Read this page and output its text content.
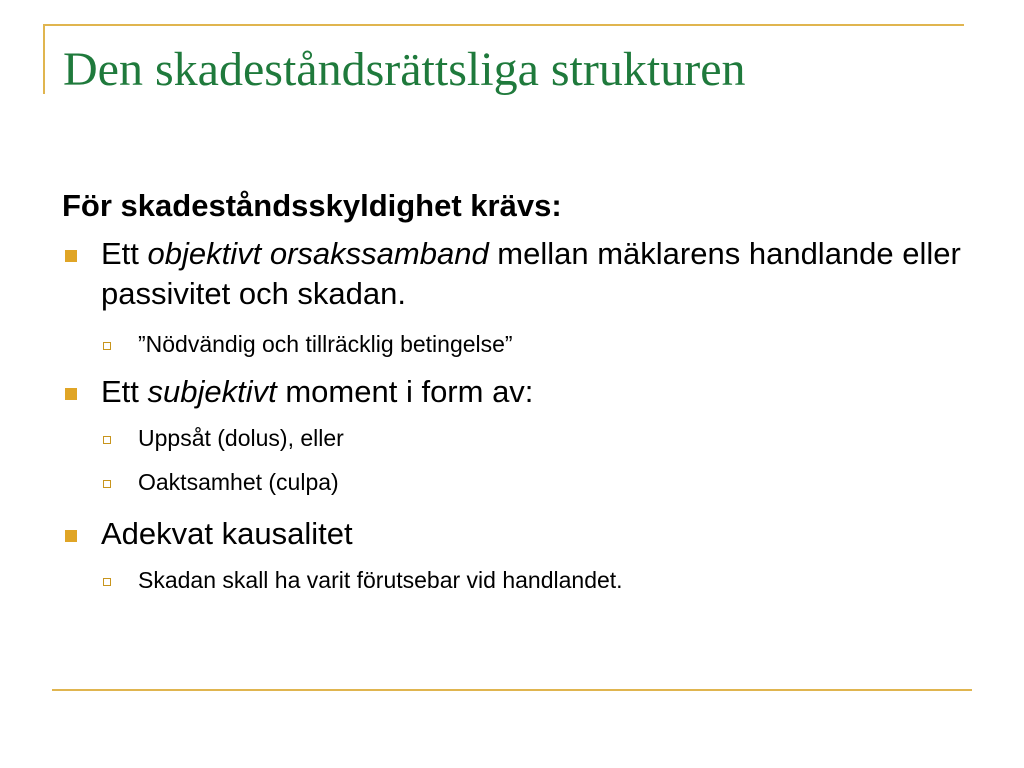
Den skadeståndsrättsliga strukturen

För skadeståndsskyldighet krävs:

Ett objektivt orsakssamband mellan mäklarens handlande eller passivitet och skadan.

”Nödvändig och tillräcklig betingelse”

Ett subjektivt moment i form av:

Uppsåt (dolus), eller

Oaktsamhet (culpa)

Adekvat kausalitet

Skadan skall ha varit förutsebar vid handlandet.
